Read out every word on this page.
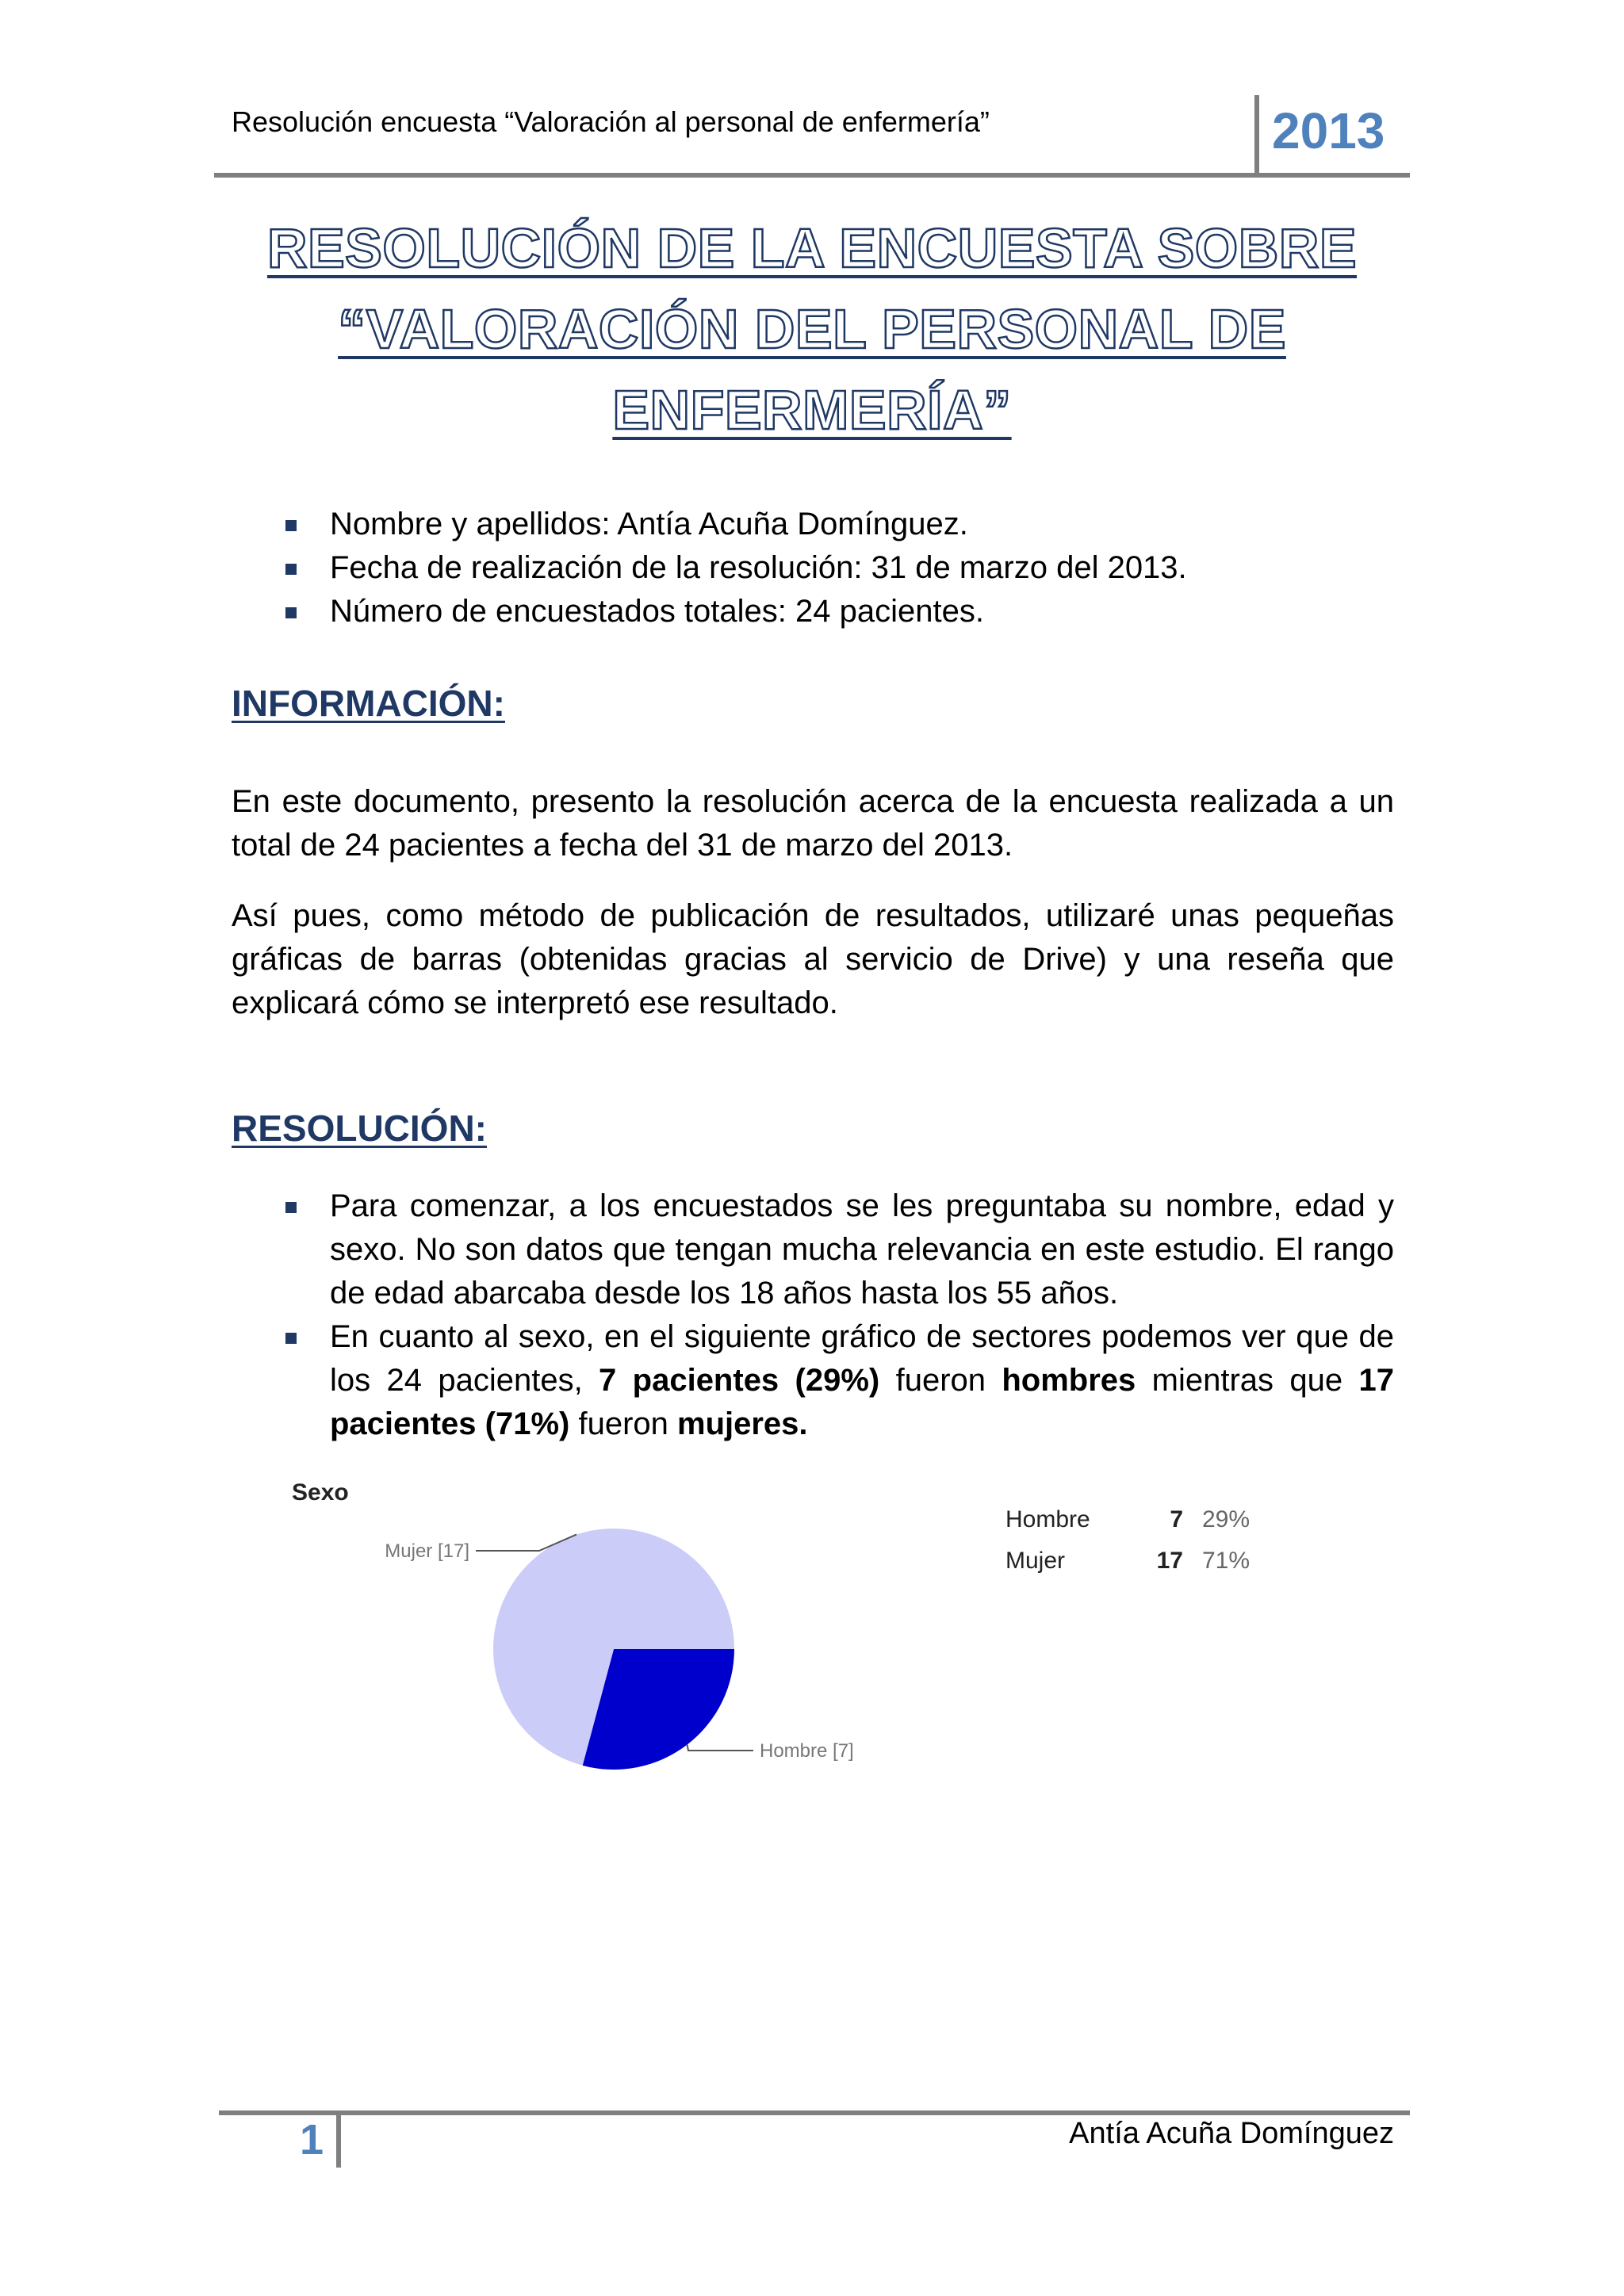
Resolución encuesta “Valoración al personal de enfermería”	2013
RESOLUCIÓN DE LA ENCUESTA SOBRE
“VALORACIÓN DEL PERSONAL DE
ENFERMERÍA”
Nombre y apellidos: Antía Acuña Domínguez.
Fecha de realización de la resolución: 31 de marzo del 2013.
Número de encuestados totales: 24 pacientes.
INFORMACIÓN:

En este documento, presento la resolución acerca de la encuesta realizada a un total de 24 pacientes a fecha del 31 de marzo del 2013.

Así pues, como método de publicación de resultados, utilizaré unas pequeñas gráficas de barras (obtenidas gracias al servicio de Drive) y una reseña que explicará cómo se interpretó ese resultado.

RESOLUCIÓN:
Para comenzar, a los encuestados se les preguntaba su nombre, edad y sexo. No son datos que tengan mucha relevancia en este estudio. El rango de edad abarcaba desde los 18 años hasta los 55 años.
En cuanto al sexo, en el siguiente gráfico de sectores podemos ver que de los 24 pacientes, 7 pacientes (29%) fueron hombres mientras que 17 pacientes (71%) fueron mujeres.
Sexo
Hombre [7]
Mujer [17]
Hombre	7 29%
Mujer	17 71%
1	Antía Acuña Domínguez
